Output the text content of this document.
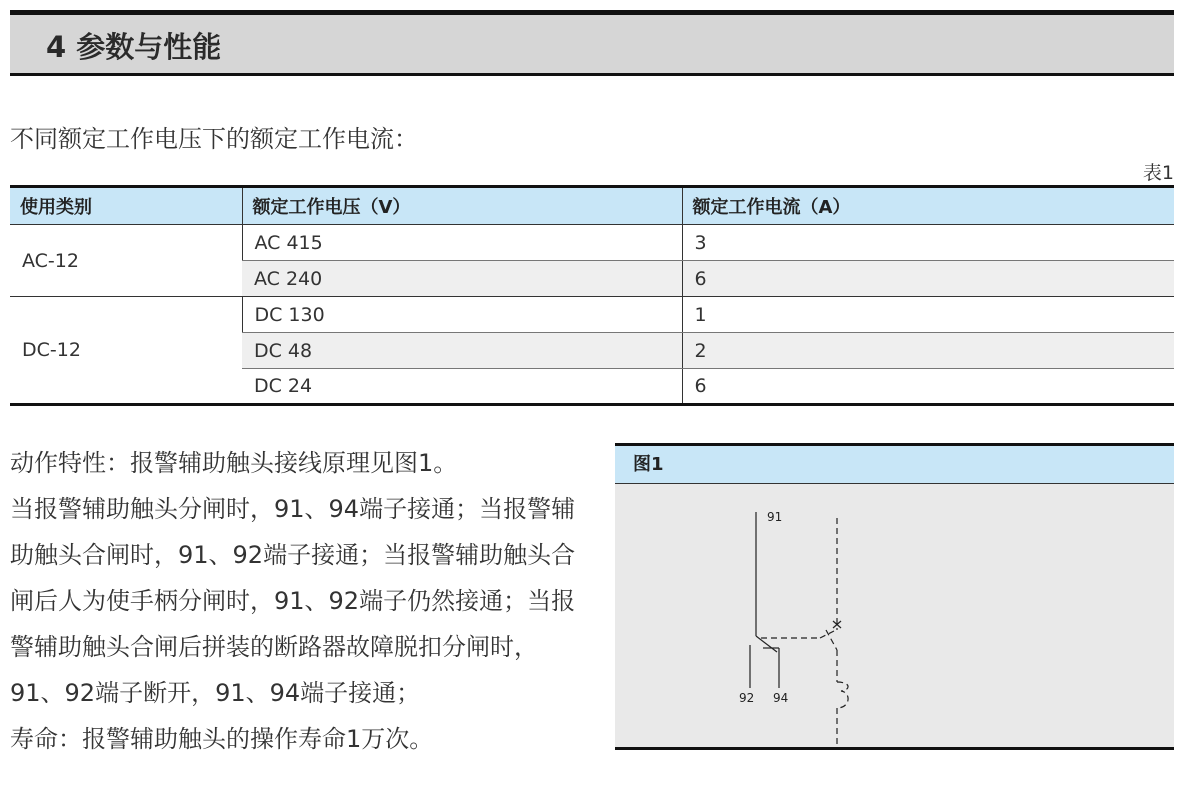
4 参数与性能
不同额定工作电压下的额定工作电流：
表1
使用类别	额定工作电压（V）	额定工作电流（A）
AC-12	AC 415	3
	AC 240	6
DC-12	DC 130	1
	DC 48	2
	DC 24	6

动作特性：报警辅助触头接线原理见图1。

当报警辅助触头分闸时，91、94端子接通；当报警辅助触头合闸时，91、92端子接通；当报警辅助触头合闸后人为使手柄分闸时，91、92端子仍然接通；当报警辅助触头合闸后拼装的断路器故障脱扣分闸时，91、92端子断开，91、94端子接通；

寿命：报警辅助触头的操作寿命1万次。

图1
91
92 94
